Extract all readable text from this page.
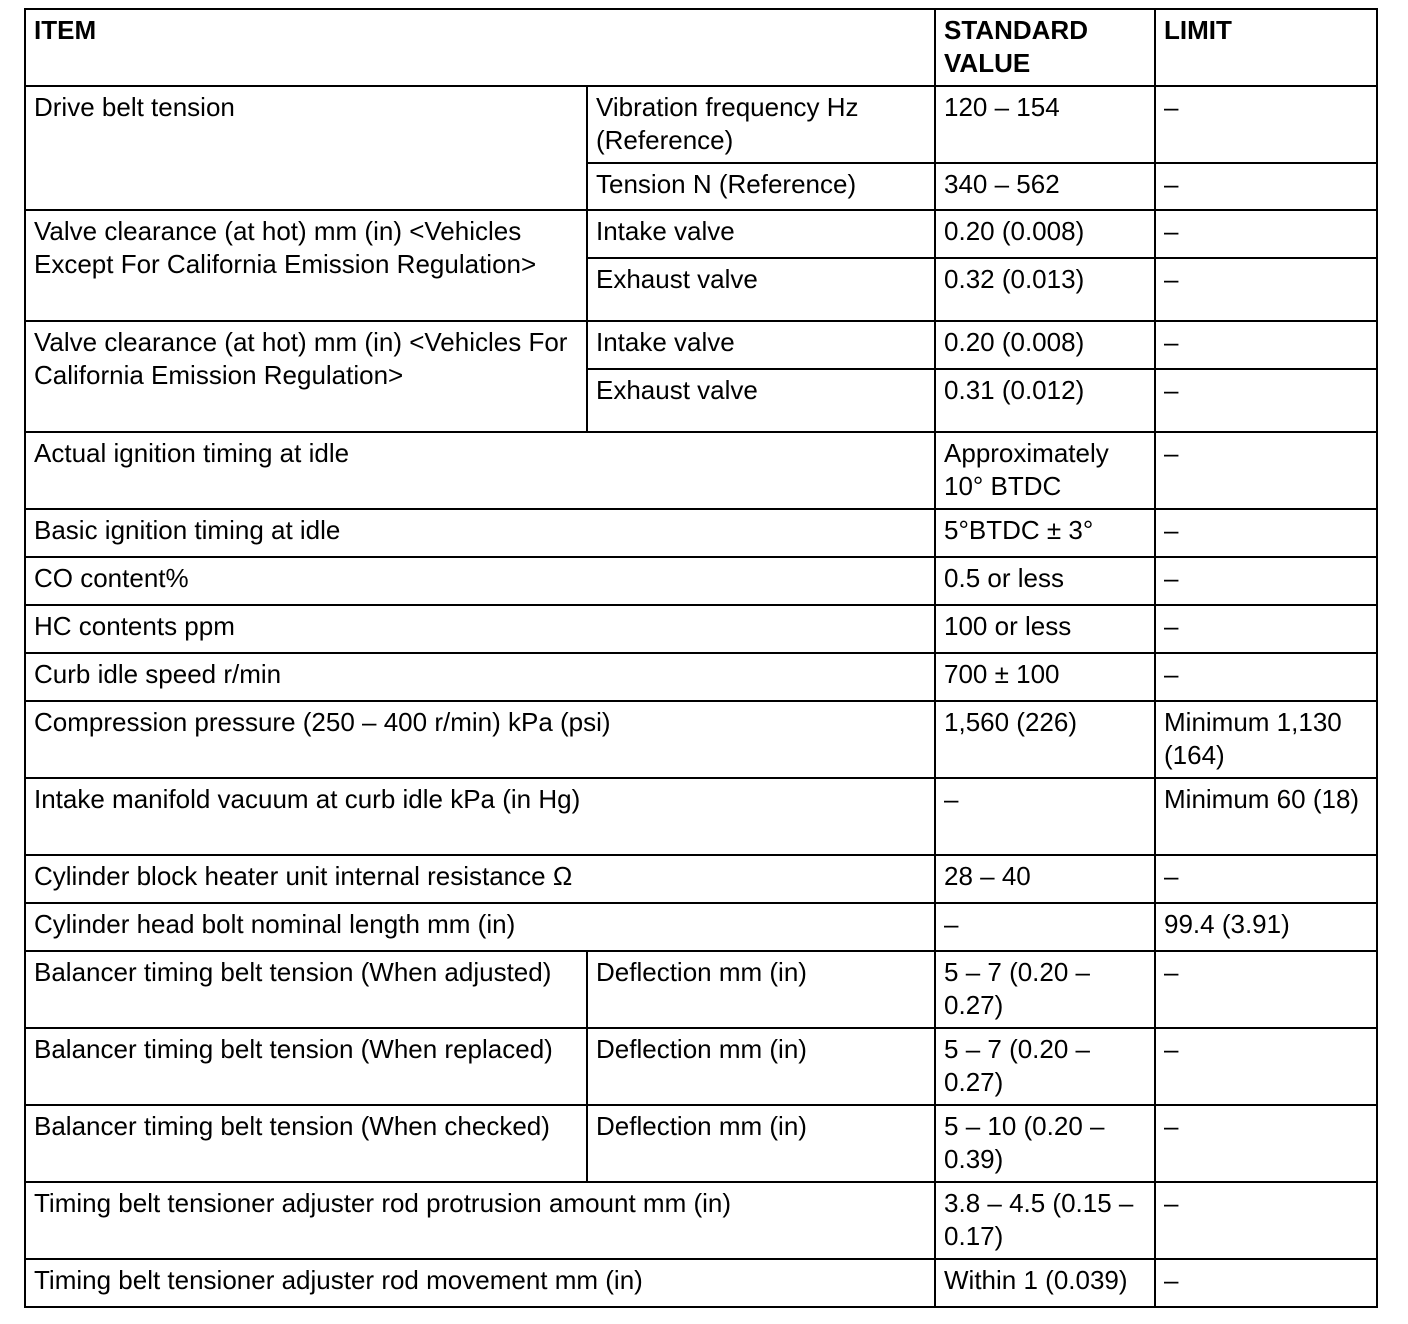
ITEM		STANDARD VALUE	LIMIT
Drive belt tension	Vibration frequency Hz (Reference)	120 – 154	–
	Tension N (Reference)	340 – 562	–
Valve clearance (at hot) mm (in) <Vehicles Except For California Emission Regulation>	Intake valve	0.20 (0.008)	–
	Exhaust valve	0.32 (0.013)	–
Valve clearance (at hot) mm (in) <Vehicles For California Emission Regulation>	Intake valve	0.20 (0.008)	–
	Exhaust valve	0.31 (0.012)	–
Actual ignition timing at idle		Approximately 10° BTDC	–
Basic ignition timing at idle		5°BTDC ± 3°	–
CO content%		0.5 or less	–
HC contents ppm		100 or less	–
Curb idle speed r/min		700 ± 100	–
Compression pressure (250 – 400 r/min) kPa (psi)		1,560 (226)	Minimum 1,130 (164)
Intake manifold vacuum at curb idle kPa (in Hg)		–	Minimum 60 (18)
Cylinder block heater unit internal resistance Ω		28 – 40	–
Cylinder head bolt nominal length mm (in)		–	99.4 (3.91)
Balancer timing belt tension (When adjusted)	Deflection mm (in)	5 – 7 (0.20 – 0.27)	–
Balancer timing belt tension (When replaced)	Deflection mm (in)	5 – 7 (0.20 – 0.27)	–
Balancer timing belt tension (When checked)	Deflection mm (in)	5 – 10 (0.20 – 0.39)	–
Timing belt tensioner adjuster rod protrusion amount mm (in)		3.8 – 4.5 (0.15 – 0.17)	–
Timing belt tensioner adjuster rod movement mm (in)		Within 1 (0.039)	–
